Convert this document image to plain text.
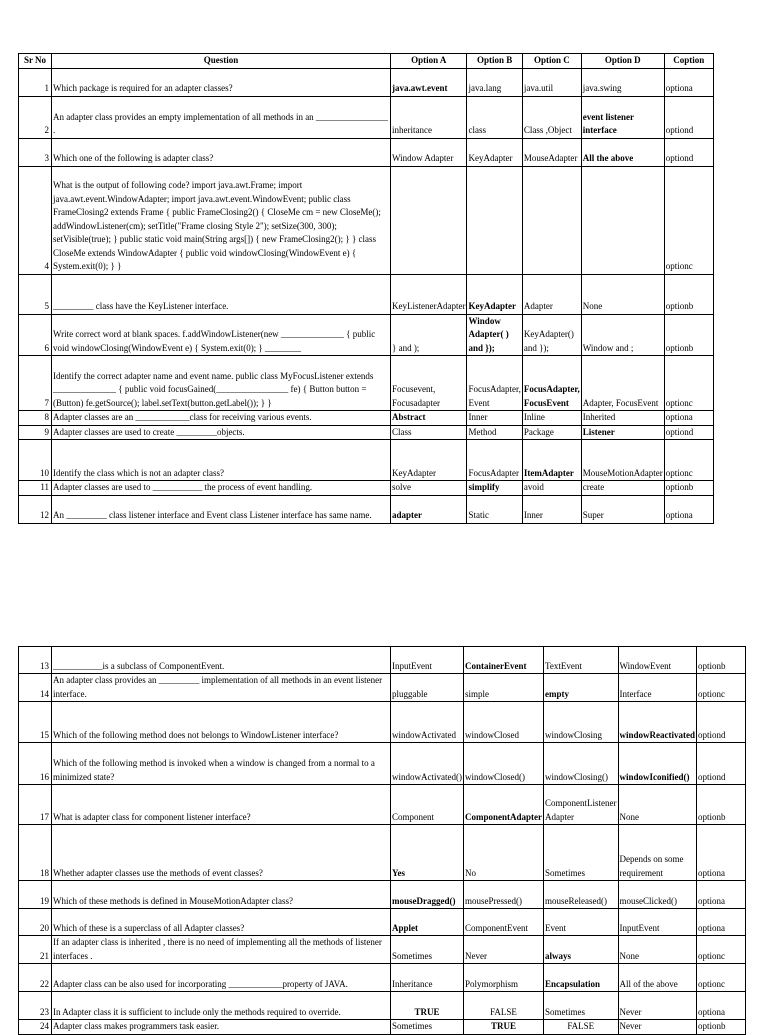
Sr No	Question	Option A	Option B	Option C	Option D	Coption
1	Which package is required for an adapter classes?	java.awt.event	java.lang	java.util	java.swing	optiona
2	An adapter class provides an empty implementation of all methods in an ________________ .	inheritance	class	Class ,Object	event listener interface	optiond
3	Which one of the following is adapter class?	Window Adapter	KeyAdapter	MouseAdapter	All the above	optiond
4	What is the output of following code? import java.awt.Frame; import java.awt.event.WindowAdapter; import java.awt.event.WindowEvent; public class FrameClosing2 extends Frame { public FrameClosing2() { CloseMe cm = new CloseMe(); addWindowListener(cm); setTitle("Frame closing Style 2"); setSize(300, 300); setVisible(true); } public static void main(String args[]) { new FrameClosing2(); } } class CloseMe extends WindowAdapter { public void windowClosing(WindowEvent e) { System.exit(0); } }					optionc
5	_________ class have the KeyListener interface.	KeyListenerAdapter	KeyAdapter	Adapter	None	optionb
6	Write correct word at blank spaces. f.addWindowListener(new ______________ { public void windowClosing(WindowEvent e) { System.exit(0); } ________	} and );	Window Adapter( ) and });	KeyAdapter() and });	Window and ;	optionb
7	Identify the correct adapter name and event name. public class MyFocusListener extends ______________ { public void focusGained(________________ fe) { Button button = (Button) fe.getSource(); label.setText(button.getLabel()); } }	Focusevent, Focusadapter	FocusAdapter, Event	FocusAdapter, FocusEvent	Adapter, FocusEvent	optionc
8	Adapter classes are an ____________class for receiving various events.	Abstract	Inner	Inline	Inherited	optiona
9	Adapter classes are used to create _________objects.	Class	Method	Package	Listener	optiond
10	Identify the class which is not an adapter class?	KeyAdapter	FocusAdapter	ItemAdapter	MouseMotionAdapter	optionc
11	Adapter classes are used to ___________ the process of event handling.	solve	simplify	avoid	create	optionb
12	An _________ class listener interface and Event class Listener interface has same name.	adapter	Static	Inner	Super	optiona
13	___________is a subclass of ComponentEvent.	InputEvent	ContainerEvent	TextEvent	WindowEvent	optionb
14	An adapter class provides an _________ implementation of all methods in an event listener interface.	pluggable	simple	empty	Interface	optionc
15	Which of the following method does not belongs to WindowListener interface?	windowActivated	windowClosed	windowClosing	windowReactivated	optiond
16	Which of the following method is invoked when a window is changed from a normal to a minimized state?	windowActivated()	windowClosed()	windowClosing()	windowIconified()	optiond
17	What is adapter class for component listener interface?	Component	ComponentAdapter	ComponentListener Adapter	None	optionb
18	Whether adapter classes use the methods of event classes?	Yes	No	Sometimes	Depends on some requirement	optiona
19	Which of these methods is defined in MouseMotionAdapter class?	mouseDragged()	mousePressed()	mouseReleased()	mouseClicked()	optiona
20	Which of these is a superclass of all Adapter classes?	Applet	ComponentEvent	Event	InputEvent	optiona
21	If an adapter class is inherited , there is no need of implementing all the methods of listener interfaces .	Sometimes	Never	always	None	optionc
22	Adapter class can be also used for incorporating ____________property of JAVA.	Inheritance	Polymorphism	Encapsulation	All of the above	optionc
23	In Adapter class it is sufficient to include only the methods required to override.	TRUE	FALSE	Sometimes	Never	optiona
24	Adapter class makes programmers task easier.	Sometimes	TRUE	FALSE	Never	optionb
